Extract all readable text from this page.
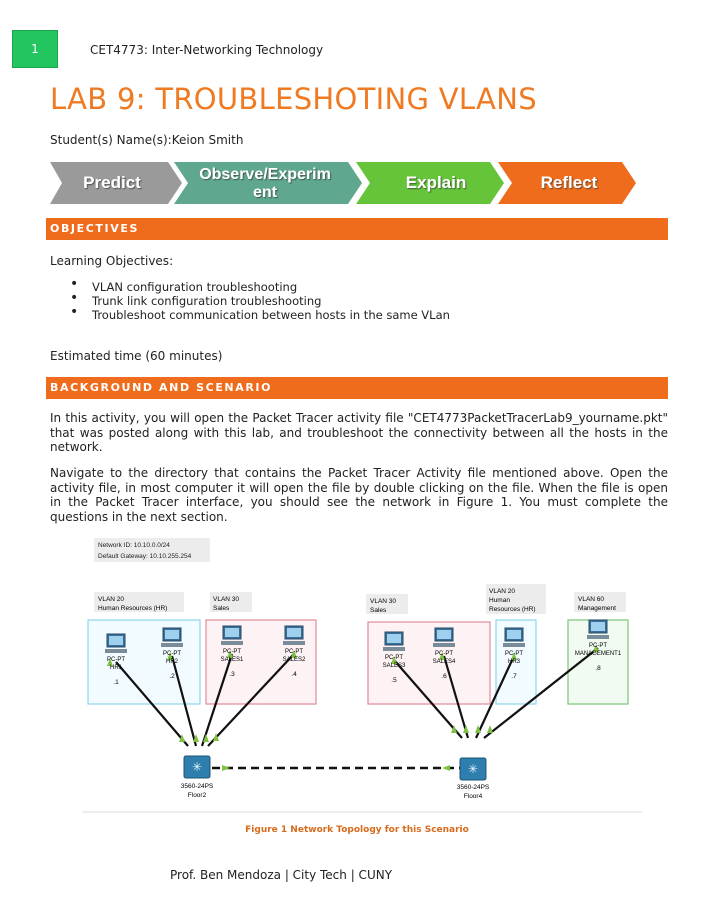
1	CET4773: Inter-Networking Technology
LAB 9: TROUBLESHOTING VLANS
Student(s) Name(s):Keion Smith
Predict	Observe/Experim
ent
Explain	Reflect
OBJECTIVES
Learning Objectives:
• VLAN configuration troubleshooting
• Trunk link configuration troubleshooting
• Troubleshoot communication between hosts in the same VLan
Estimated time (60 minutes)
BACKGROUND AND SCENARIO
In this activity, you will open the Packet Tracer activity file "CET4773PacketTracerLab9_yourname.pkt" that was posted along with this lab, and troubleshoot the connectivity between all the hosts in the network.
Navigate to the directory that contains the Packet Tracer Activity file mentioned above. Open the activity file, in most computer it will open the file by double clicking on the file. When the file is open in the Packet Tracer interface, you should see the network in Figure 1. You must complete the questions in the next section.
Network ID: 10.10.0.0/24
Default Gateway: 10.10.255.254
VLAN 20
Human Resources (HR)
VLAN 30
Sales
VLAN 30
Sales
VLAN 20
Human
Resources (HR)
VLAN 60
Management
✳
3560-24PS
Floor2
✳
3560-24PS
Floor4
PC-PT
HR1
.1
PC-PT
HR2
.2
PC-PT
SALES1
.3
PC-PT
SALES2
.4
PC-PT
SALES3
.5
PC-PT
SALES4
.6
PC-PT
HR3
.7
PC-PT
MANAGEMENT1
.8
Figure 1 Network Topology for this Scenario
Prof. Ben Mendoza | City Tech | CUNY
